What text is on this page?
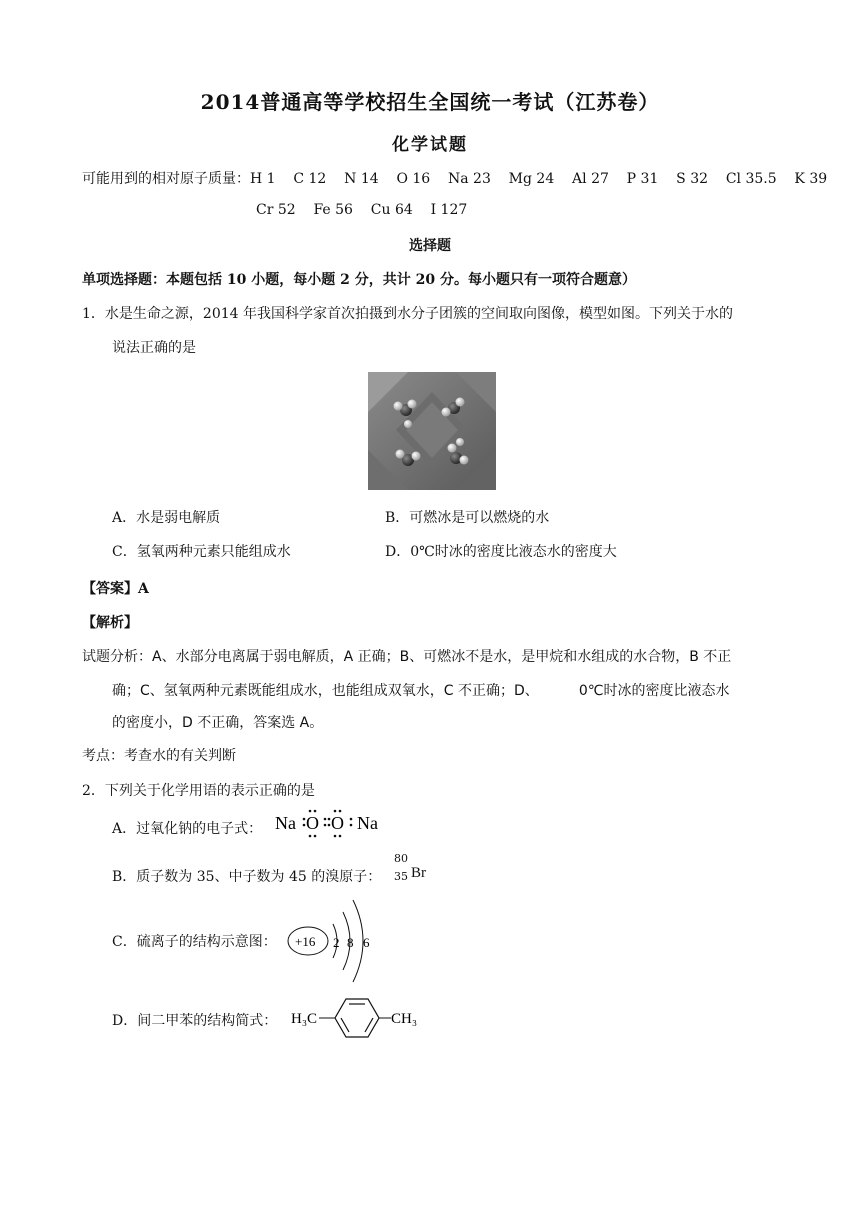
2014普通高等学校招生全国统一考试（江苏卷）
化学试题
可能用到的相对原子质量：H 1    C 12    N 14    O 16    Na 23    Mg 24    Al 27    P 31    S 32    Cl 35.5    K 39
Cr 52    Fe 56    Cu 64    I 127
选择题
单项选择题：本题包括 10 小题，每小题 2 分，共计 20 分。每小题只有一项符合题意）
1．水是生命之源，2014 年我国科学家首次拍摄到水分子团簇的空间取向图像，模型如图。下列关于水的
说法正确的是
A．水是弱电解质	B．可燃冰是可以燃烧的水
C．氢氧两种元素只能组成水	D．0℃时冰的密度比液态水的密度大
【答案】A
【解析】
试题分析：A、水部分电离属于弱电解质，A 正确；B、可燃冰不是水，是甲烷和水组成的水合物，B 不正
确；C、氢氧两种元素既能组成水，也能组成双氧水，C 不正确；D、         0℃时冰的密度比液态水
的密度小，D 不正确，答案选 A。
考点：考查水的有关判断
2．下列关于化学用语的表示正确的是
A．过氧化钠的电子式： Na O O Na
B．质子数为 35、中子数为 45 的溴原子：
80
35 Br
C．硫离子的结构示意图： +16 2 8 6
D．间二甲苯的结构简式： H₃C	CH₃
